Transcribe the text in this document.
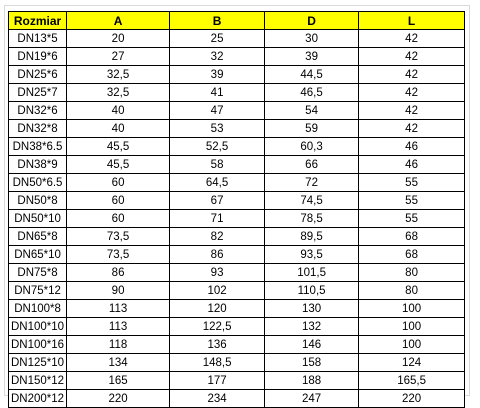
Rozmiar	A	B	D	L
DN13*5	20	25	30	42
DN19*6	27	32	39	42
DN25*6	32,5	39	44,5	42
DN25*7	32,5	41	46,5	42
DN32*6	40	47	54	42
DN32*8	40	53	59	42
DN38*6.5	45,5	52,5	60,3	46
DN38*9	45,5	58	66	46
DN50*6.5	60	64,5	72	55
DN50*8	60	67	74,5	55
DN50*10	60	71	78,5	55
DN65*8	73,5	82	89,5	68
DN65*10	73,5	86	93,5	68
DN75*8	86	93	101,5	80
DN75*12	90	102	110,5	80
DN100*8	113	120	130	100
DN100*10	113	122,5	132	100
DN100*16	118	136	146	100
DN125*10	134	148,5	158	124
DN150*12	165	177	188	165,5
DN200*12	220	234	247	220
